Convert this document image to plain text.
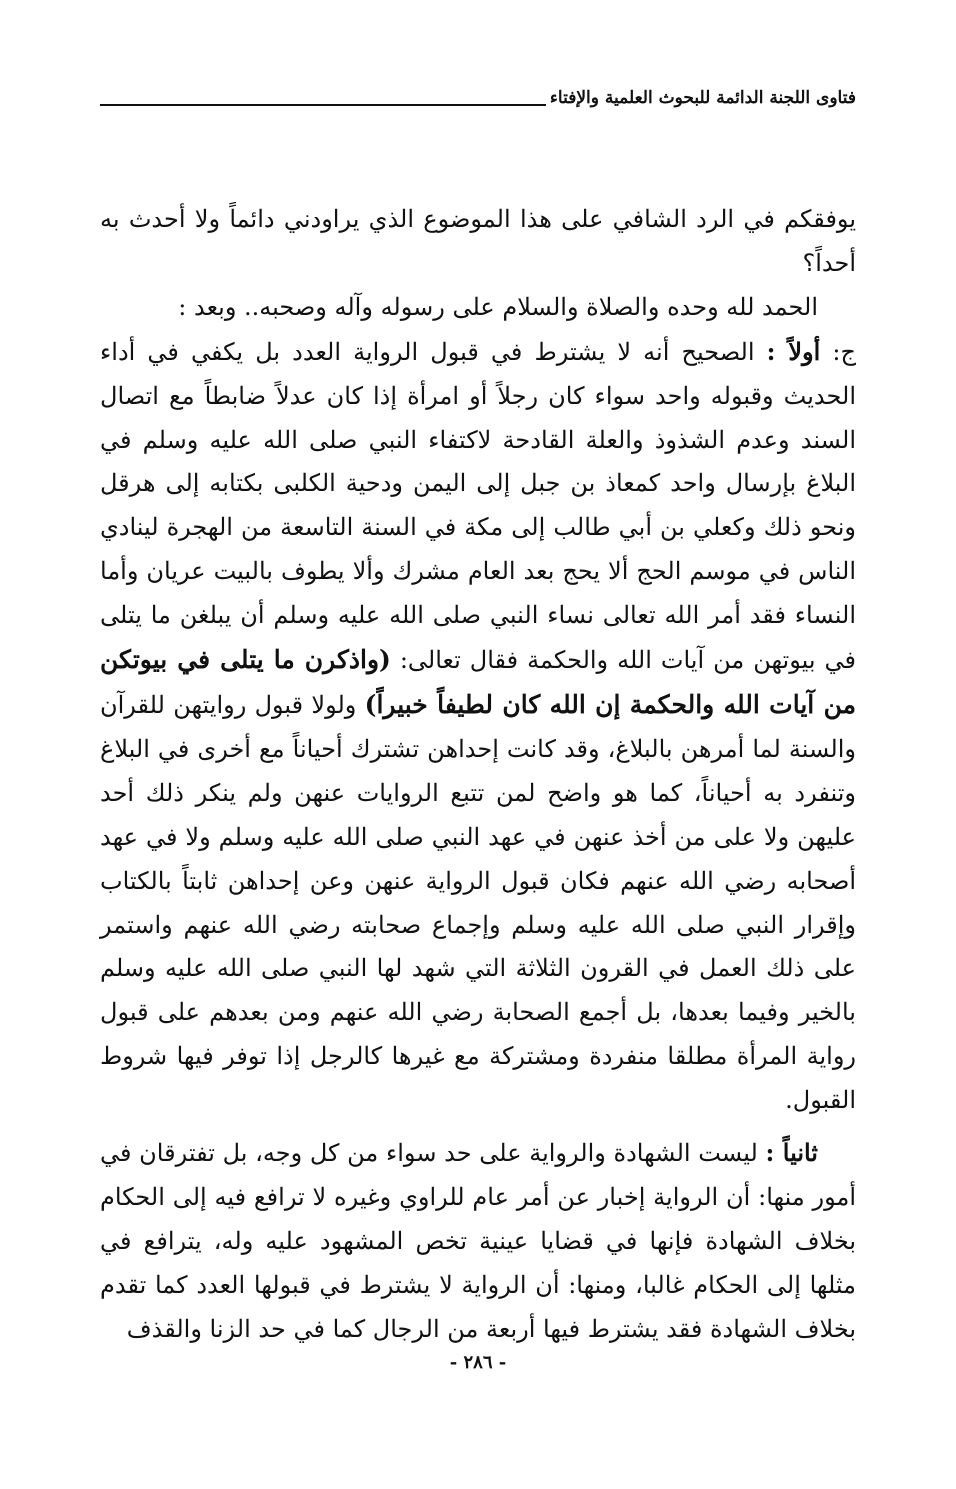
فتاوى اللجنة الدائمة للبحوث العلمية والإفتاء

يوفقكم في الرد الشافي على هذا الموضوع الذي يراودني دائماً ولا أحدث به أحداً؟

الحمد لله وحده والصلاة والسلام على رسوله وآله وصحبه.. وبعد :

ج: أولاً : الصحيح أنه لا يشترط في قبول الرواية العدد بل يكفي في أداء الحديث وقبوله واحد سواء كان رجلاً أو امرأة إذا كان عدلاً ضابطاً مع اتصال السند وعدم الشذوذ والعلة القادحة لاكتفاء النبي صلى الله عليه وسلم في البلاغ بإرسال واحد كمعاذ بن جبل إلى اليمن ودحية الكلبى بكتابه إلى هرقل ونحو ذلك وكعلي بن أبي طالب إلى مكة في السنة التاسعة من الهجرة لينادي الناس في موسم الحج ألا يحج بعد العام مشرك وألا يطوف بالبيت عريان وأما النساء فقد أمر الله تعالى نساء النبي صلى الله عليه وسلم أن يبلغن ما يتلى في بيوتهن من آيات الله والحكمة فقال تعالى: (واذكرن ما يتلى في بيوتكن من آيات الله والحكمة إن الله كان لطيفاً خبيراً) ولولا قبول روايتهن للقرآن والسنة لما أمرهن بالبلاغ، وقد كانت إحداهن تشترك أحياناً مع أخرى في البلاغ وتنفرد به أحياناً، كما هو واضح لمن تتبع الروايات عنهن ولم ينكر ذلك أحد عليهن ولا على من أخذ عنهن في عهد النبي صلى الله عليه وسلم ولا في عهد أصحابه رضي الله عنهم فكان قبول الرواية عنهن وعن إحداهن ثابتاً بالكتاب وإقرار النبي صلى الله عليه وسلم وإجماع صحابته رضي الله عنهم واستمر على ذلك العمل في القرون الثلاثة التي شهد لها النبي صلى الله عليه وسلم بالخير وفيما بعدها، بل أجمع الصحابة رضي الله عنهم ومن بعدهم على قبول رواية المرأة مطلقا منفردة ومشتركة مع غيرها كالرجل إذا توفر فيها شروط القبول.

ثانياً : ليست الشهادة والرواية على حد سواء من كل وجه، بل تفترقان في أمور منها: أن الرواية إخبار عن أمر عام للراوي وغيره لا ترافع فيه إلى الحكام بخلاف الشهادة فإنها في قضايا عينية تخص المشهود عليه وله، يترافع في مثلها إلى الحكام غالبا، ومنها: أن الرواية لا يشترط في قبولها العدد كما تقدم بخلاف الشهادة فقد يشترط فيها أربعة من الرجال كما في حد الزنا والقذف

- ٢٨٦ -
